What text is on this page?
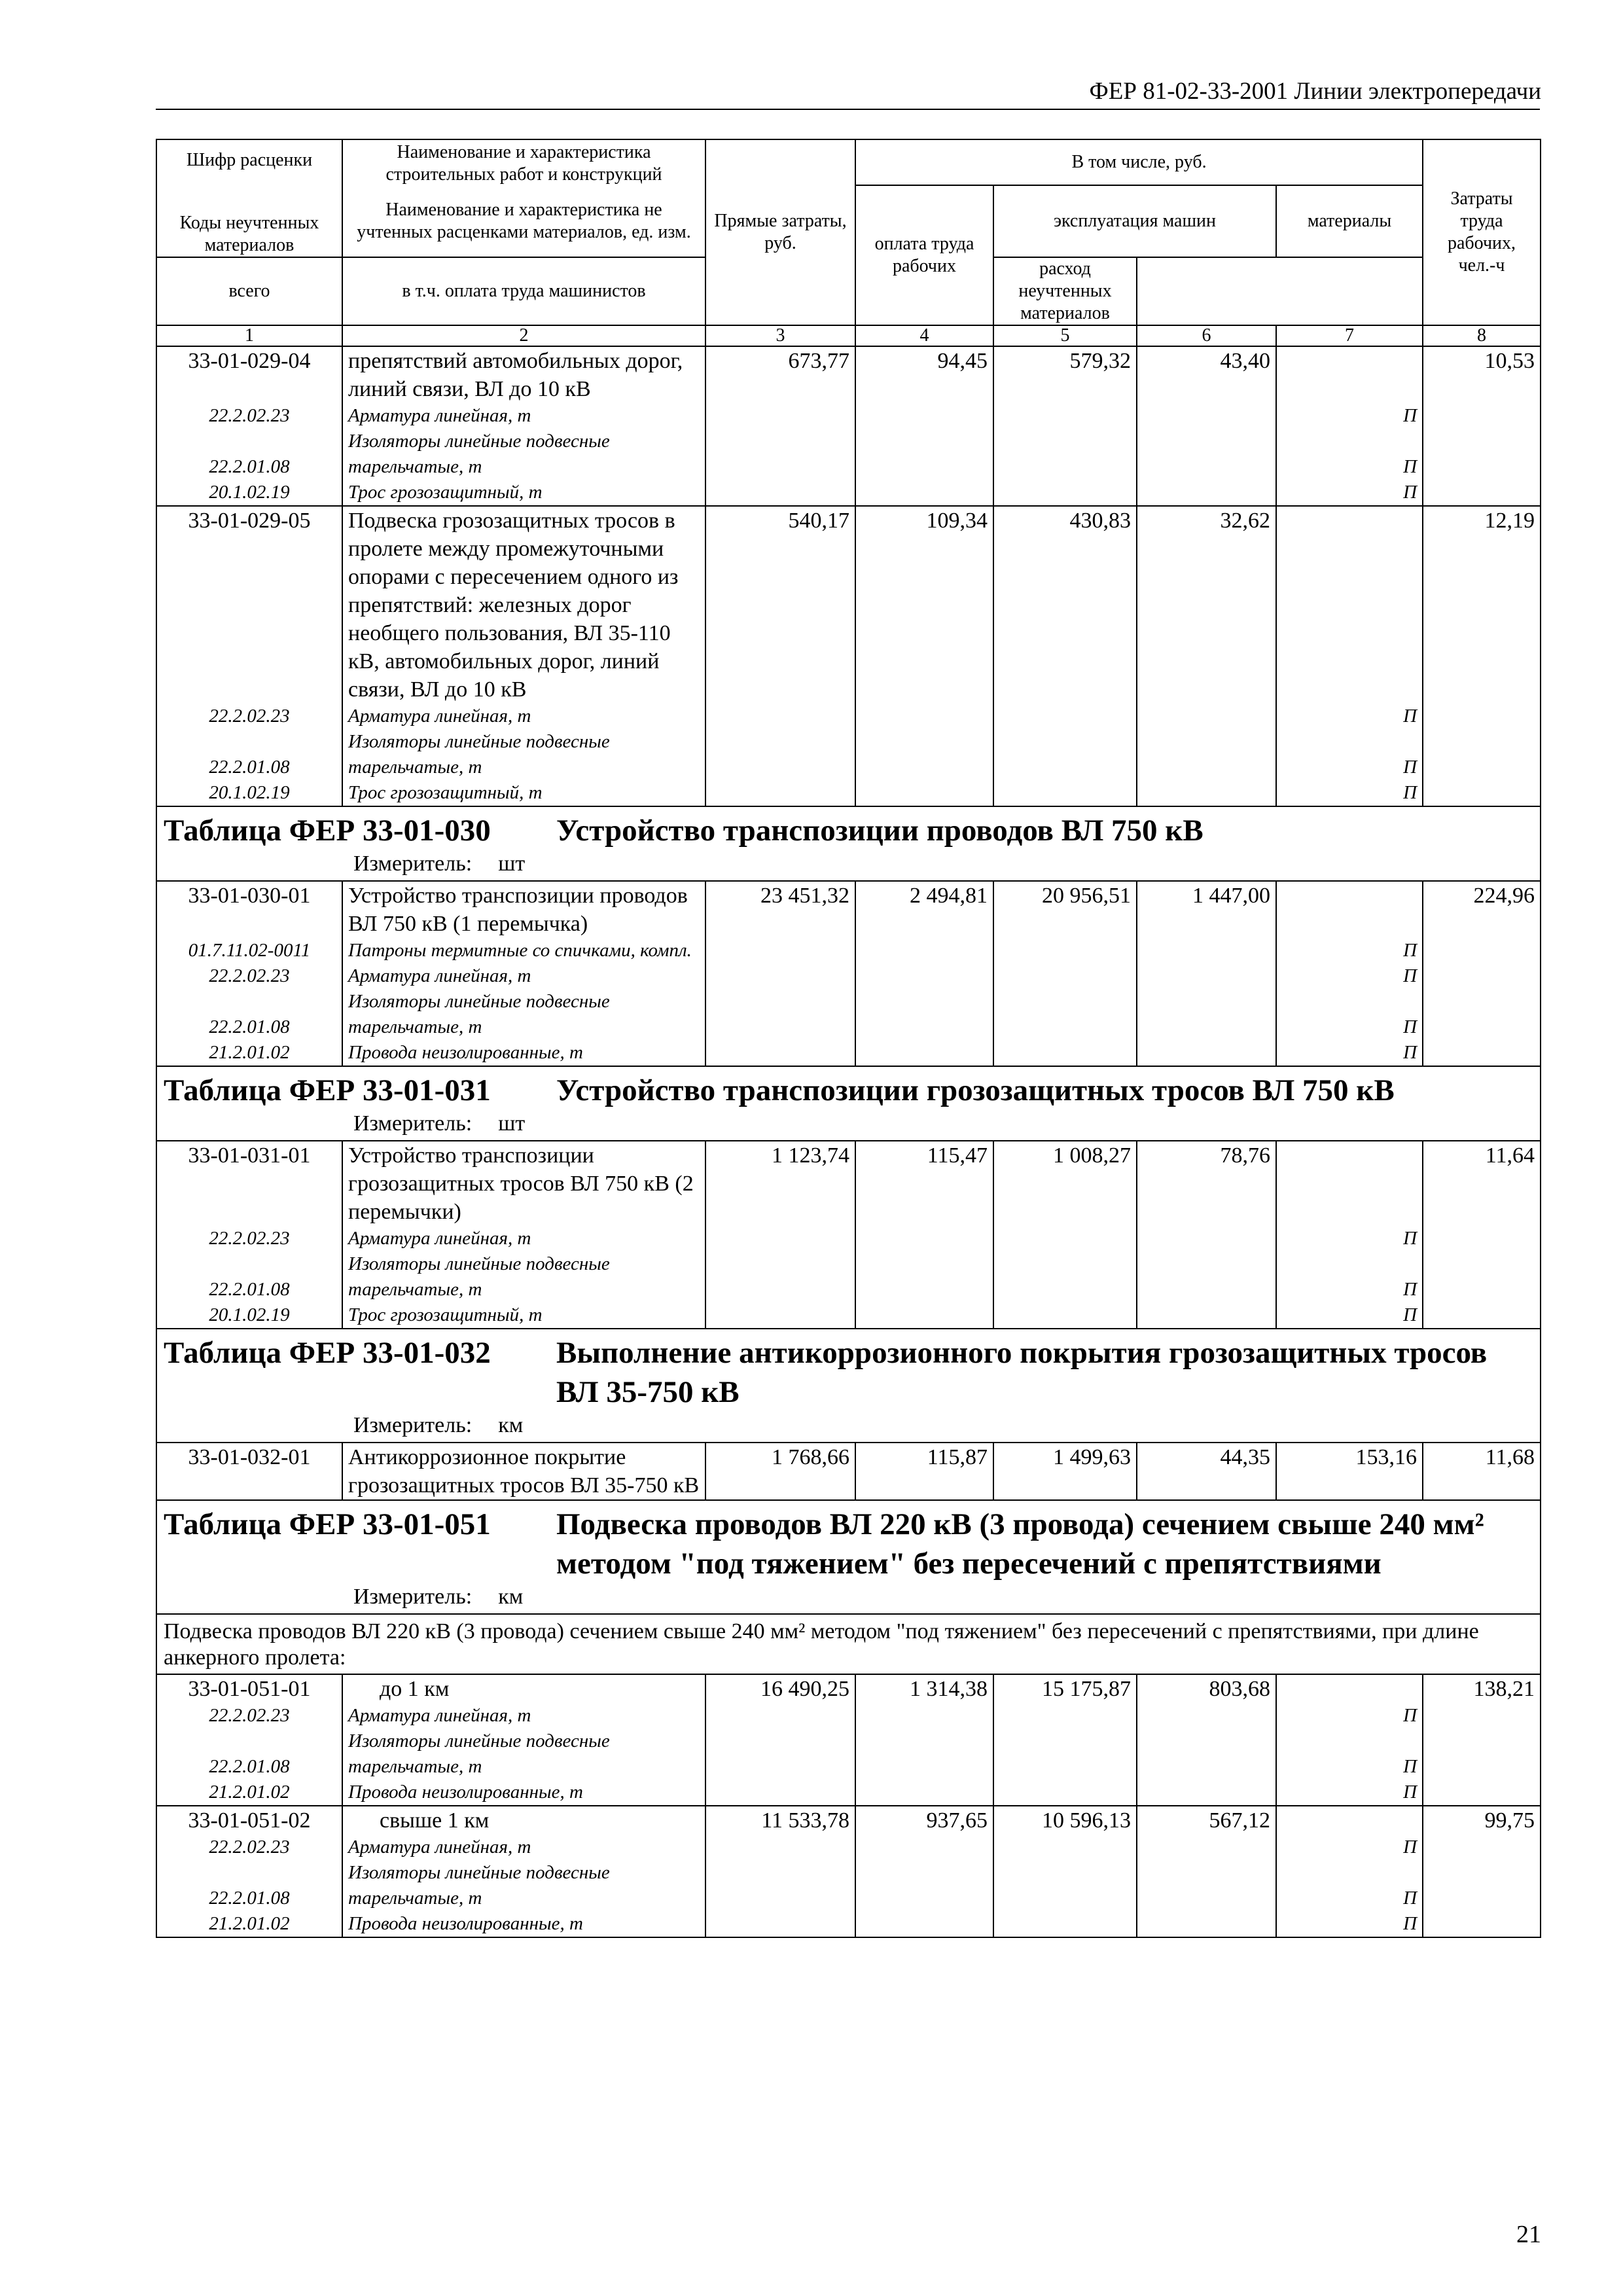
ФЕР 81-02-33-2001 Линии электропередачи
Шифр расценки
Коды неучтенных материалов	Наименование и характеристика строительных работ и конструкций
Наименование и характеристика не учтенных расценками материалов, ед. изм.	Прямые затраты, руб.	В том числе, руб.				Затраты труда рабочих, чел.-ч
			оплата труда рабочих	эксплуатация машин		материалы	
всего	в т.ч. оплата труда машинистов			расход неучтенных материалов			
1	2	3	4	5	6	7	8
33-01-029-04	препятствий автомобильных дорог, линий связи, ВЛ до 10 кВ	673,77	94,45	579,32	43,40		10,53
22.2.02.23	Арматура линейная, т					П	
22.2.01.08	Изоляторы линейные подвесные тарельчатые, т					П	
20.1.02.19	Трос грозозащитный, т					П	
33-01-029-05	Подвеска грозозащитных тросов в пролете между промежуточными опорами с пересечением одного из препятствий: железных дорог необщего пользования, ВЛ 35-110 кВ, автомобильных дорог, линий связи, ВЛ до 10 кВ	540,17	109,34	430,83	32,62		12,19
22.2.02.23	Арматура линейная, т					П	
22.2.01.08	Изоляторы линейные подвесные тарельчатые, т					П	
20.1.02.19	Трос грозозащитный, т					П	
Таблица ФЕР 33-01-030 Устройство транспозиции проводов ВЛ 750 кВ
Измеритель: шт							

33-01-030-01	Устройство транспозиции проводов ВЛ 750 кВ (1 перемычка)	23 451,32	2 494,81	20 956,51	1 447,00		224,96
01.7.11.02-0011	Патроны термитные со спичками, компл.					П	
22.2.02.23	Арматура линейная, т					П	
22.2.01.08	Изоляторы линейные подвесные тарельчатые, т					П	
21.2.01.02	Провода неизолированные, т					П	
Таблица ФЕР 33-01-031 Устройство транспозиции грозозащитных тросов ВЛ 750 кВ
Измеритель: шт							

33-01-031-01	Устройство транспозиции грозозащитных тросов ВЛ 750 кВ (2 перемычки)	1 123,74	115,47	1 008,27	78,76		11,64
22.2.02.23	Арматура линейная, т					П	
22.2.01.08	Изоляторы линейные подвесные тарельчатые, т					П	
20.1.02.19	Трос грозозащитный, т					П	
Таблица ФЕР 33-01-032 Выполнение антикоррозионного покрытия грозозащитных тросов ВЛ 35-750 кВ
Измеритель: км							

33-01-032-01	Антикоррозионное покрытие грозозащитных тросов ВЛ 35-750 кВ	1 768,66	115,87	1 499,63	44,35	153,16	11,68
Таблица ФЕР 33-01-051 Подвеска проводов ВЛ 220 кВ (3 провода) сечением свыше 240 мм² методом "под тяжением" без пересечений с препятствиями
Измеритель: км							

Подвеска проводов ВЛ 220 кВ (3 провода) сечением свыше 240 мм² методом "под тяжением" без пересечений с препятствиями, при длине анкерного пролета:							
33-01-051-01	до 1 км	16 490,25	1 314,38	15 175,87	803,68		138,21
22.2.02.23	Арматура линейная, т					П	
22.2.01.08	Изоляторы линейные подвесные тарельчатые, т					П	
21.2.01.02	Провода неизолированные, т					П	
33-01-051-02	свыше 1 км	11 533,78	937,65	10 596,13	567,12		99,75
22.2.02.23	Арматура линейная, т					П	
22.2.01.08	Изоляторы линейные подвесные тарельчатые, т					П	
21.2.01.02	Провода неизолированные, т					П	
21
